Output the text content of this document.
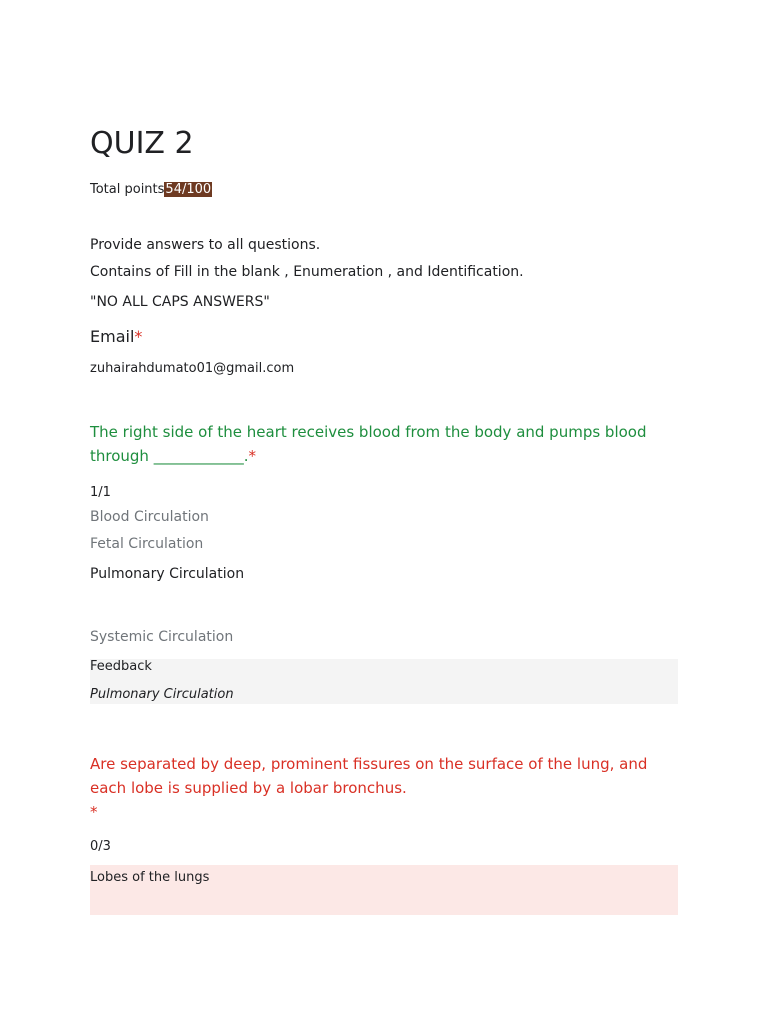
QUIZ 2
Total points54/100
Provide answers to all questions.
Contains of Fill in the blank , Enumeration , and Identification.
"NO ALL CAPS ANSWERS"
Email*
zuhairahdumato01@gmail.com
The right side of the heart receives blood from the body and pumps blood through ____________.*
1/1
Blood Circulation
Fetal Circulation
Pulmonary Circulation
Systemic Circulation
Feedback
Pulmonary Circulation
Are separated by deep, prominent fissures on the surface of the lung, and each lobe is supplied by a lobar bronchus.
*
0/3
Lobes of the lungs
